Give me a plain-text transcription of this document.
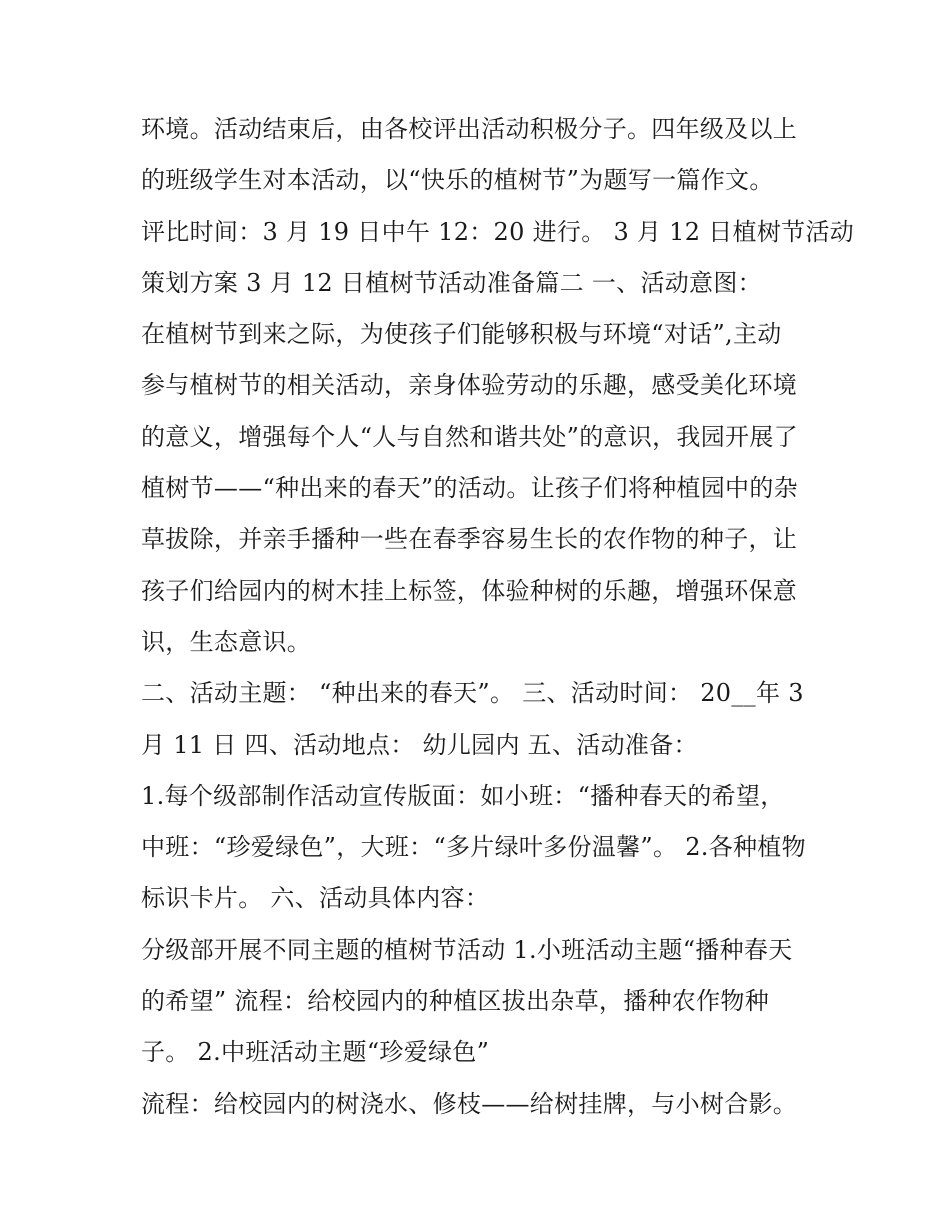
环境。活动结束后，由各校评出活动积极分子。四年级及以上
的班级学生对本活动，以“快乐的植树节”为题写一篇作文。
评比时间：3 月 19 日中午 12：20 进行。 3 月 12 日植树节活动
策划方案 3 月 12 日植树节活动准备篇二 一、活动意图：
在植树节到来之际，为使孩子们能够积极与环境“对话”,主动
参与植树节的相关活动，亲身体验劳动的乐趣，感受美化环境
的意义，增强每个人“人与自然和谐共处”的意识，我园开展了
植树节——“种出来的春天”的活动。让孩子们将种植园中的杂
草拔除，并亲手播种一些在春季容易生长的农作物的种子，让
孩子们给园内的树木挂上标签，体验种树的乐趣，增强环保意
识，生态意识。
二、活动主题： “种出来的春天”。 三、活动时间： 20__年 3
月 11 日 四、活动地点： 幼儿园内 五、活动准备：
1.每个级部制作活动宣传版面：如小班：“播种春天的希望，
中班：“珍爱绿色”，大班：“多片绿叶多份温馨”。 2.各种植物
标识卡片。 六、活动具体内容：
分级部开展不同主题的植树节活动 1.小班活动主题“播种春天
的希望” 流程：给校园内的种植区拔出杂草，播种农作物种
子。 2.中班活动主题“珍爱绿色”
流程：给校园内的树浇水、修枝——给树挂牌，与小树合影。
